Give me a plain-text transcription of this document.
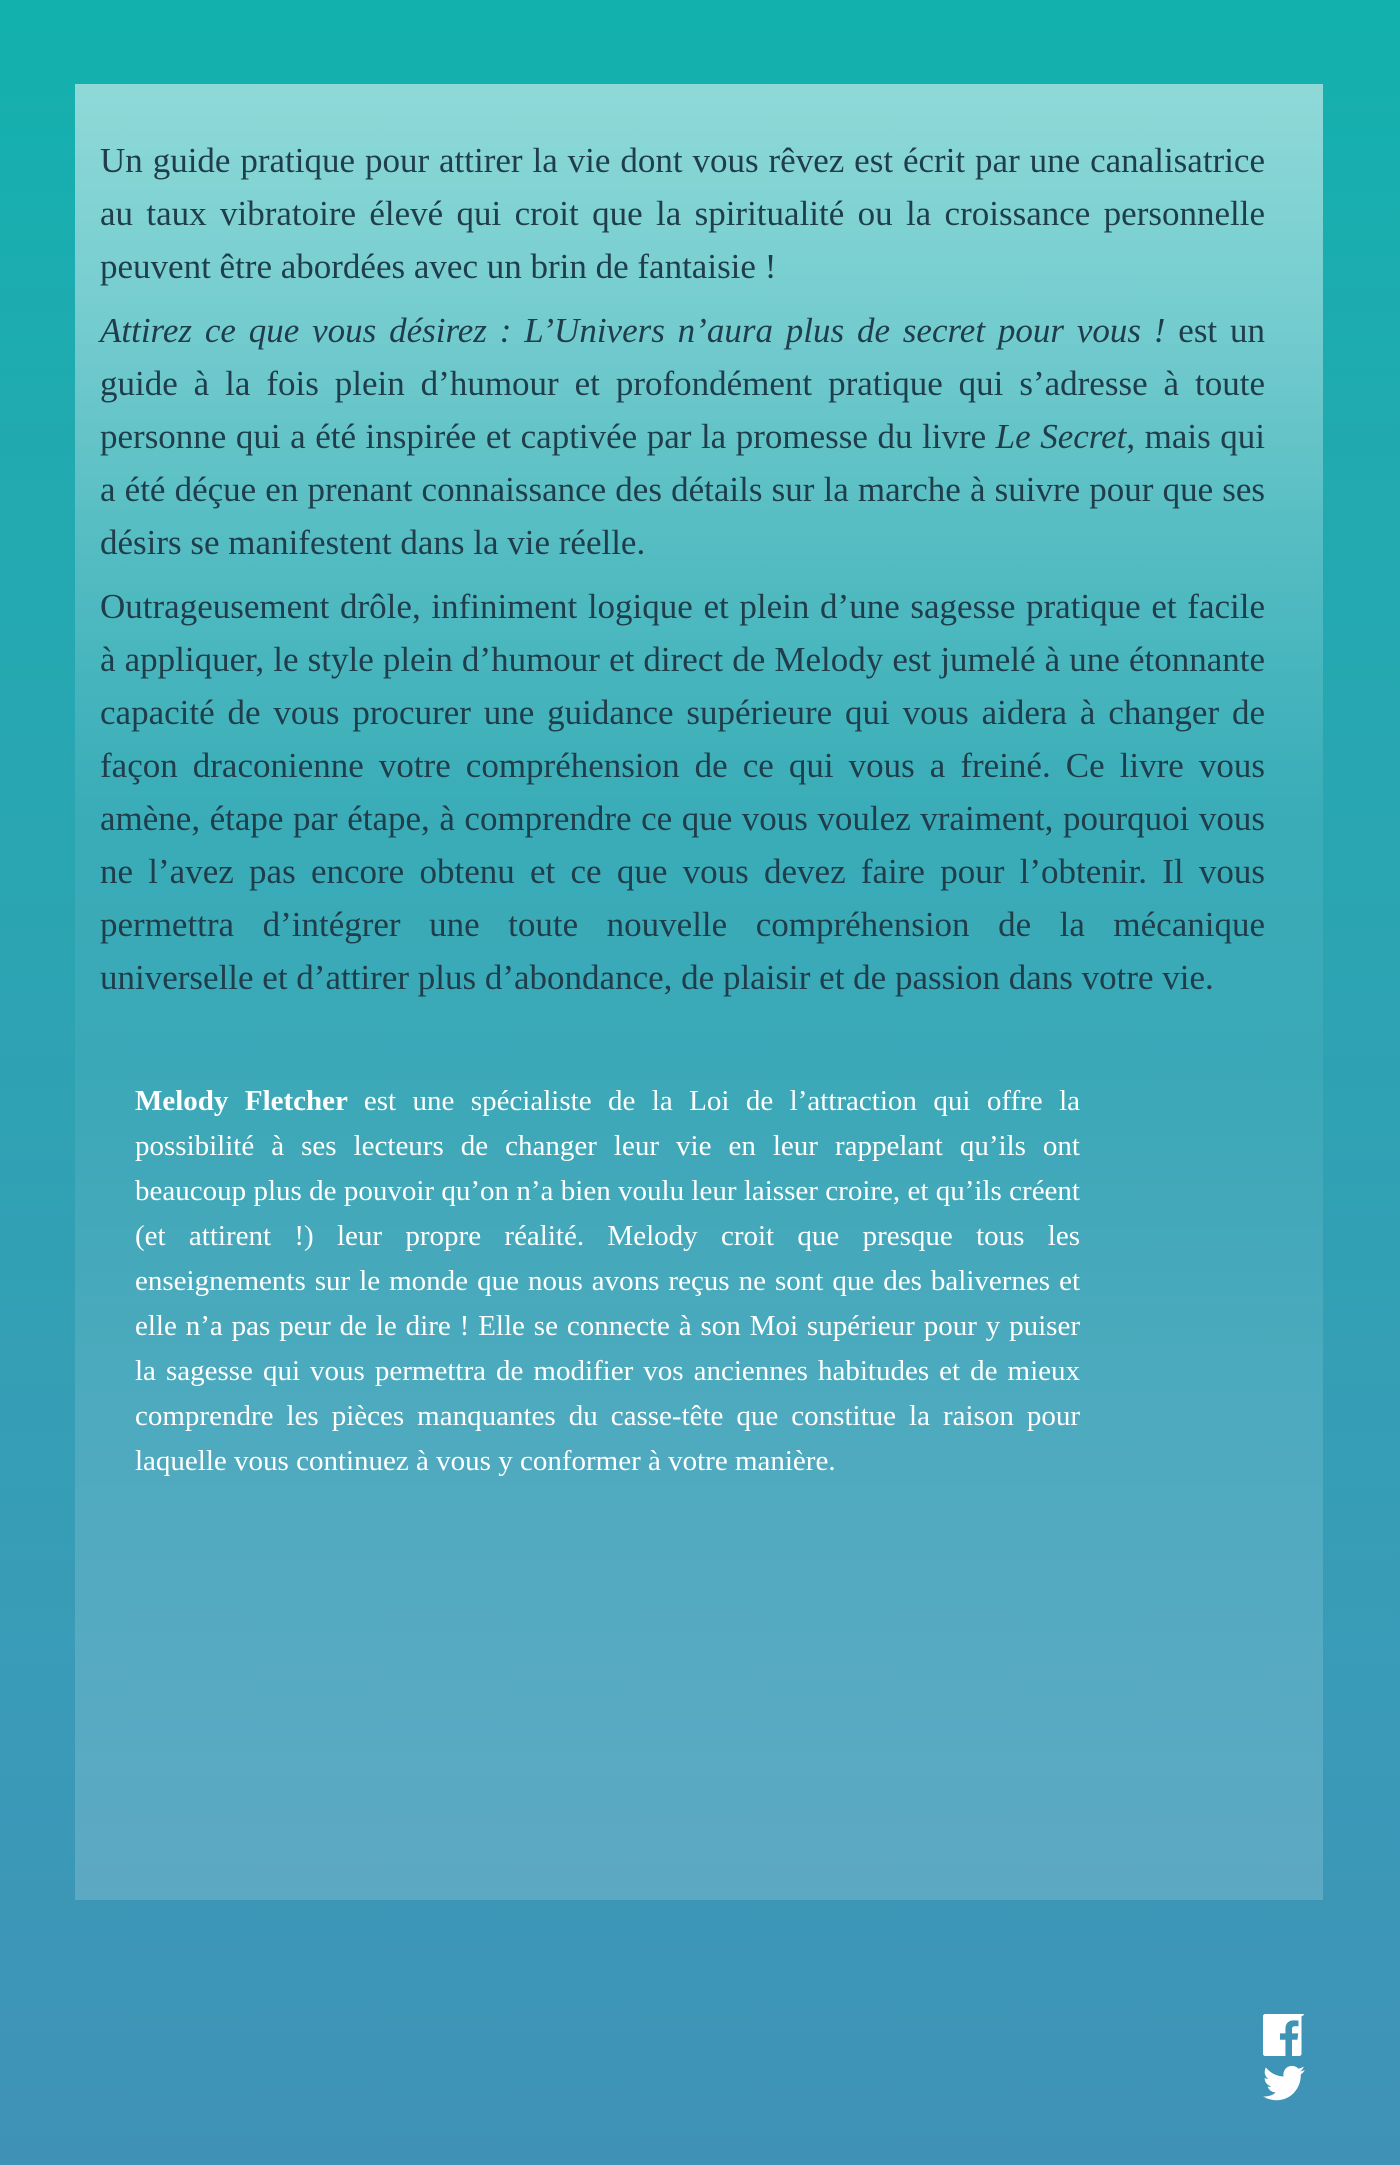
Un guide pratique pour attirer la vie dont vous rêvez est écrit par une canalisatrice au taux vibratoire élevé qui croit que la spiritualité ou la croissance personnelle peuvent être abordées avec un brin de fantaisie !

Attirez ce que vous désirez : L’Univers n’aura plus de secret pour vous ! est un guide à la fois plein d’humour et profondément pratique qui s’adresse à toute personne qui a été inspirée et captivée par la promesse du livre Le Secret, mais qui a été déçue en prenant connaissance des détails sur la marche à suivre pour que ses désirs se manifestent dans la vie réelle.

Outrageusement drôle, infiniment logique et plein d’une sagesse pratique et facile à appliquer, le style plein d’humour et direct de Melody est jumelé à une étonnante capacité de vous procurer une guidance supérieure qui vous aidera à changer de façon draconienne votre compréhension de ce qui vous a freiné. Ce livre vous amène, étape par étape, à comprendre ce que vous voulez vraiment, pourquoi vous ne l’avez pas encore obtenu et ce que vous devez faire pour l’obtenir. Il vous permettra d’intégrer une toute nouvelle compréhension de la mécanique universelle et d’attirer plus d’abondance, de plaisir et de passion dans votre vie.

Melody Fletcher est une spécialiste de la Loi de l’attraction qui offre la possibilité à ses lecteurs de changer leur vie en leur rappelant qu’ils ont beaucoup plus de pouvoir qu’on n’a bien voulu leur laisser croire, et qu’ils créent (et attirent !) leur propre réalité. Melody croit que presque tous les enseignements sur le monde que nous avons reçus ne sont que des balivernes et elle n’a pas peur de le dire ! Elle se connecte à son Moi supérieur pour y puiser la sagesse qui vous permettra de modifier vos anciennes habitudes et de mieux comprendre les pièces manquantes du casse-tête que constitue la raison pour laquelle vous continuez à vous y conformer à votre manière.
